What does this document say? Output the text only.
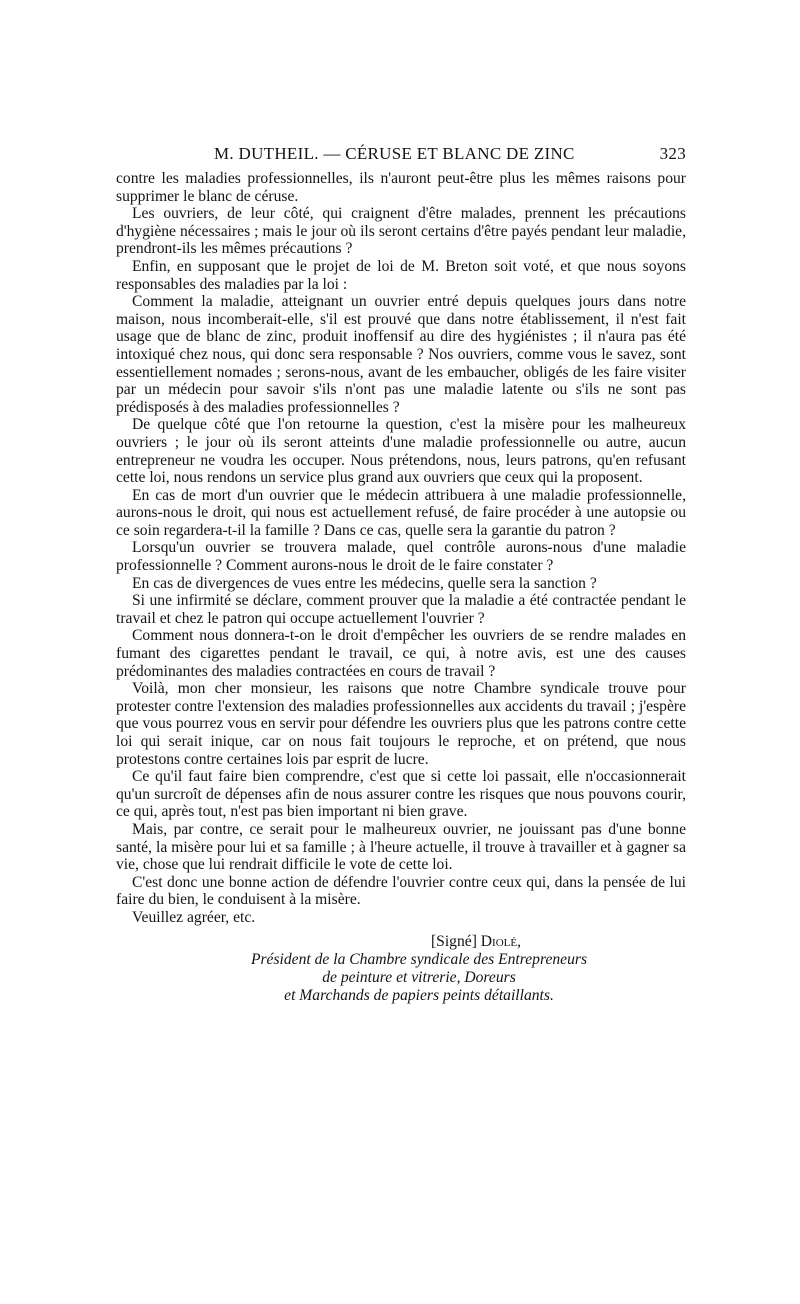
M. DUTHEIL. — CÉRUSE ET BLANC DE ZINC	323

contre les maladies professionnelles, ils n'auront peut-être plus les mêmes raisons pour supprimer le blanc de céruse.

Les ouvriers, de leur côté, qui craignent d'être malades, prennent les précautions d'hygiène nécessaires ; mais le jour où ils seront certains d'être payés pendant leur maladie, prendront-ils les mêmes précautions ?

Enfin, en supposant que le projet de loi de M. Breton soit voté, et que nous soyons responsables des maladies par la loi :

Comment la maladie, atteignant un ouvrier entré depuis quelques jours dans notre maison, nous incomberait-elle, s'il est prouvé que dans notre établissement, il n'est fait usage que de blanc de zinc, produit inoffensif au dire des hygiénistes ; il n'aura pas été intoxiqué chez nous, qui donc sera responsable ? Nos ouvriers, comme vous le savez, sont essentiellement nomades ; serons-nous, avant de les embaucher, obligés de les faire visiter par un médecin pour savoir s'ils n'ont pas une maladie latente ou s'ils ne sont pas prédisposés à des maladies professionnelles ?

De quelque côté que l'on retourne la question, c'est la misère pour les malheureux ouvriers ; le jour où ils seront atteints d'une maladie professionnelle ou autre, aucun entrepreneur ne voudra les occuper. Nous prétendons, nous, leurs patrons, qu'en refusant cette loi, nous rendons un service plus grand aux ouvriers que ceux qui la proposent.

En cas de mort d'un ouvrier que le médecin attribuera à une maladie professionnelle, aurons-nous le droit, qui nous est actuellement refusé, de faire procéder à une autopsie ou ce soin regardera-t-il la famille ? Dans ce cas, quelle sera la garantie du patron ?

Lorsqu'un ouvrier se trouvera malade, quel contrôle aurons-nous d'une maladie professionnelle ? Comment aurons-nous le droit de le faire constater ?

En cas de divergences de vues entre les médecins, quelle sera la sanction ?

Si une infirmité se déclare, comment prouver que la maladie a été contractée pendant le travail et chez le patron qui occupe actuellement l'ouvrier ?

Comment nous donnera-t-on le droit d'empêcher les ouvriers de se rendre malades en fumant des cigarettes pendant le travail, ce qui, à notre avis, est une des causes prédominantes des maladies contractées en cours de travail ?

Voilà, mon cher monsieur, les raisons que notre Chambre syndicale trouve pour protester contre l'extension des maladies professionnelles aux accidents du travail ; j'espère que vous pourrez vous en servir pour défendre les ouvriers plus que les patrons contre cette loi qui serait inique, car on nous fait toujours le reproche, et on prétend, que nous protestons contre certaines lois par esprit de lucre.

Ce qu'il faut faire bien comprendre, c'est que si cette loi passait, elle n'occasionnerait qu'un surcroît de dépenses afin de nous assurer contre les risques que nous pouvons courir, ce qui, après tout, n'est pas bien important ni bien grave.

Mais, par contre, ce serait pour le malheureux ouvrier, ne jouissant pas d'une bonne santé, la misère pour lui et sa famille ; à l'heure actuelle, il trouve à travailler et à gagner sa vie, chose que lui rendrait difficile le vote de cette loi.

C'est donc une bonne action de défendre l'ouvrier contre ceux qui, dans la pensée de lui faire du bien, le conduisent à la misère.

Veuillez agréer, etc.

[Signé] Diolé,
Président de la Chambre syndicale des Entrepreneurs
de peinture et vitrerie, Doreurs
et Marchands de papiers peints détaillants.
